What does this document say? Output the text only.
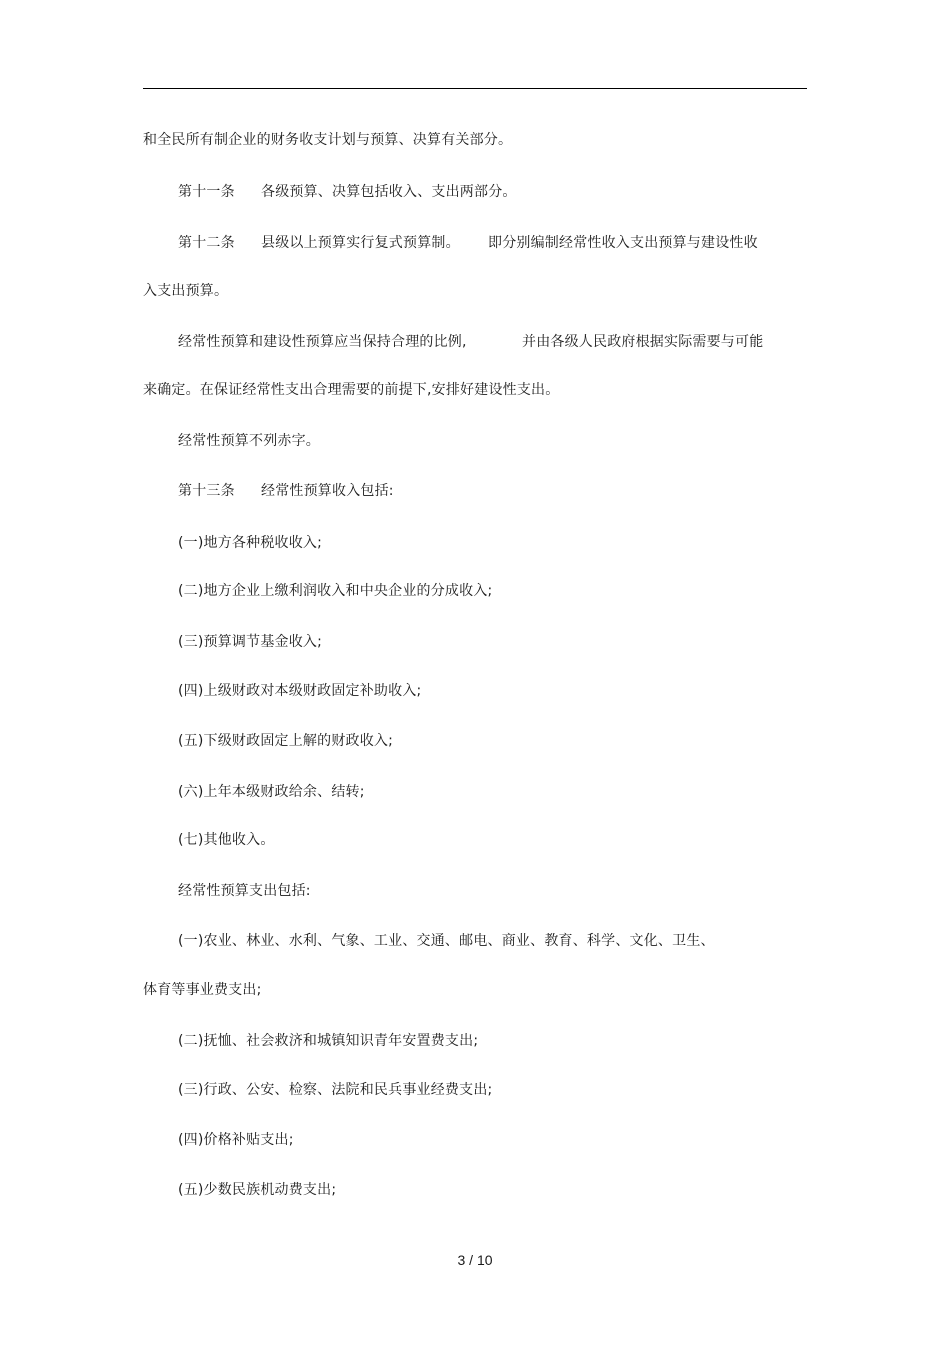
和全民所有制企业的财务收支计划与预算、决算有关部分。
第十一条 各级预算、决算包括收入、支出两部分。
第十二条 县级以上预算实行复式预算制。 即分别编制经常性收入支出预算与建设性收
入支出预算。
经常性预算和建设性预算应当保持合理的比例,	并由各级人民政府根据实际需要与可能
来确定。在保证经常性支出合理需要的前提下,安排好建设性支出。
经常性预算不列赤字。
第十三条 经常性预算收入包括:
(一)地方各种税收收入;
(二)地方企业上缴利润收入和中央企业的分成收入;
(三)预算调节基金收入;
(四)上级财政对本级财政固定补助收入;
(五)下级财政固定上解的财政收入;
(六)上年本级财政给余、结转;
(七)其他收入。
经常性预算支出包括:
(一)农业、林业、水利、气象、工业、交通、邮电、商业、教育、科学、文化、卫生、
体育等事业费支出;
(二)抚恤、社会救济和城镇知识青年安置费支出;
(三)行政、公安、检察、法院和民兵事业经费支出;
(四)价格补贴支出;
(五)少数民族机动费支出;
3 / 10
